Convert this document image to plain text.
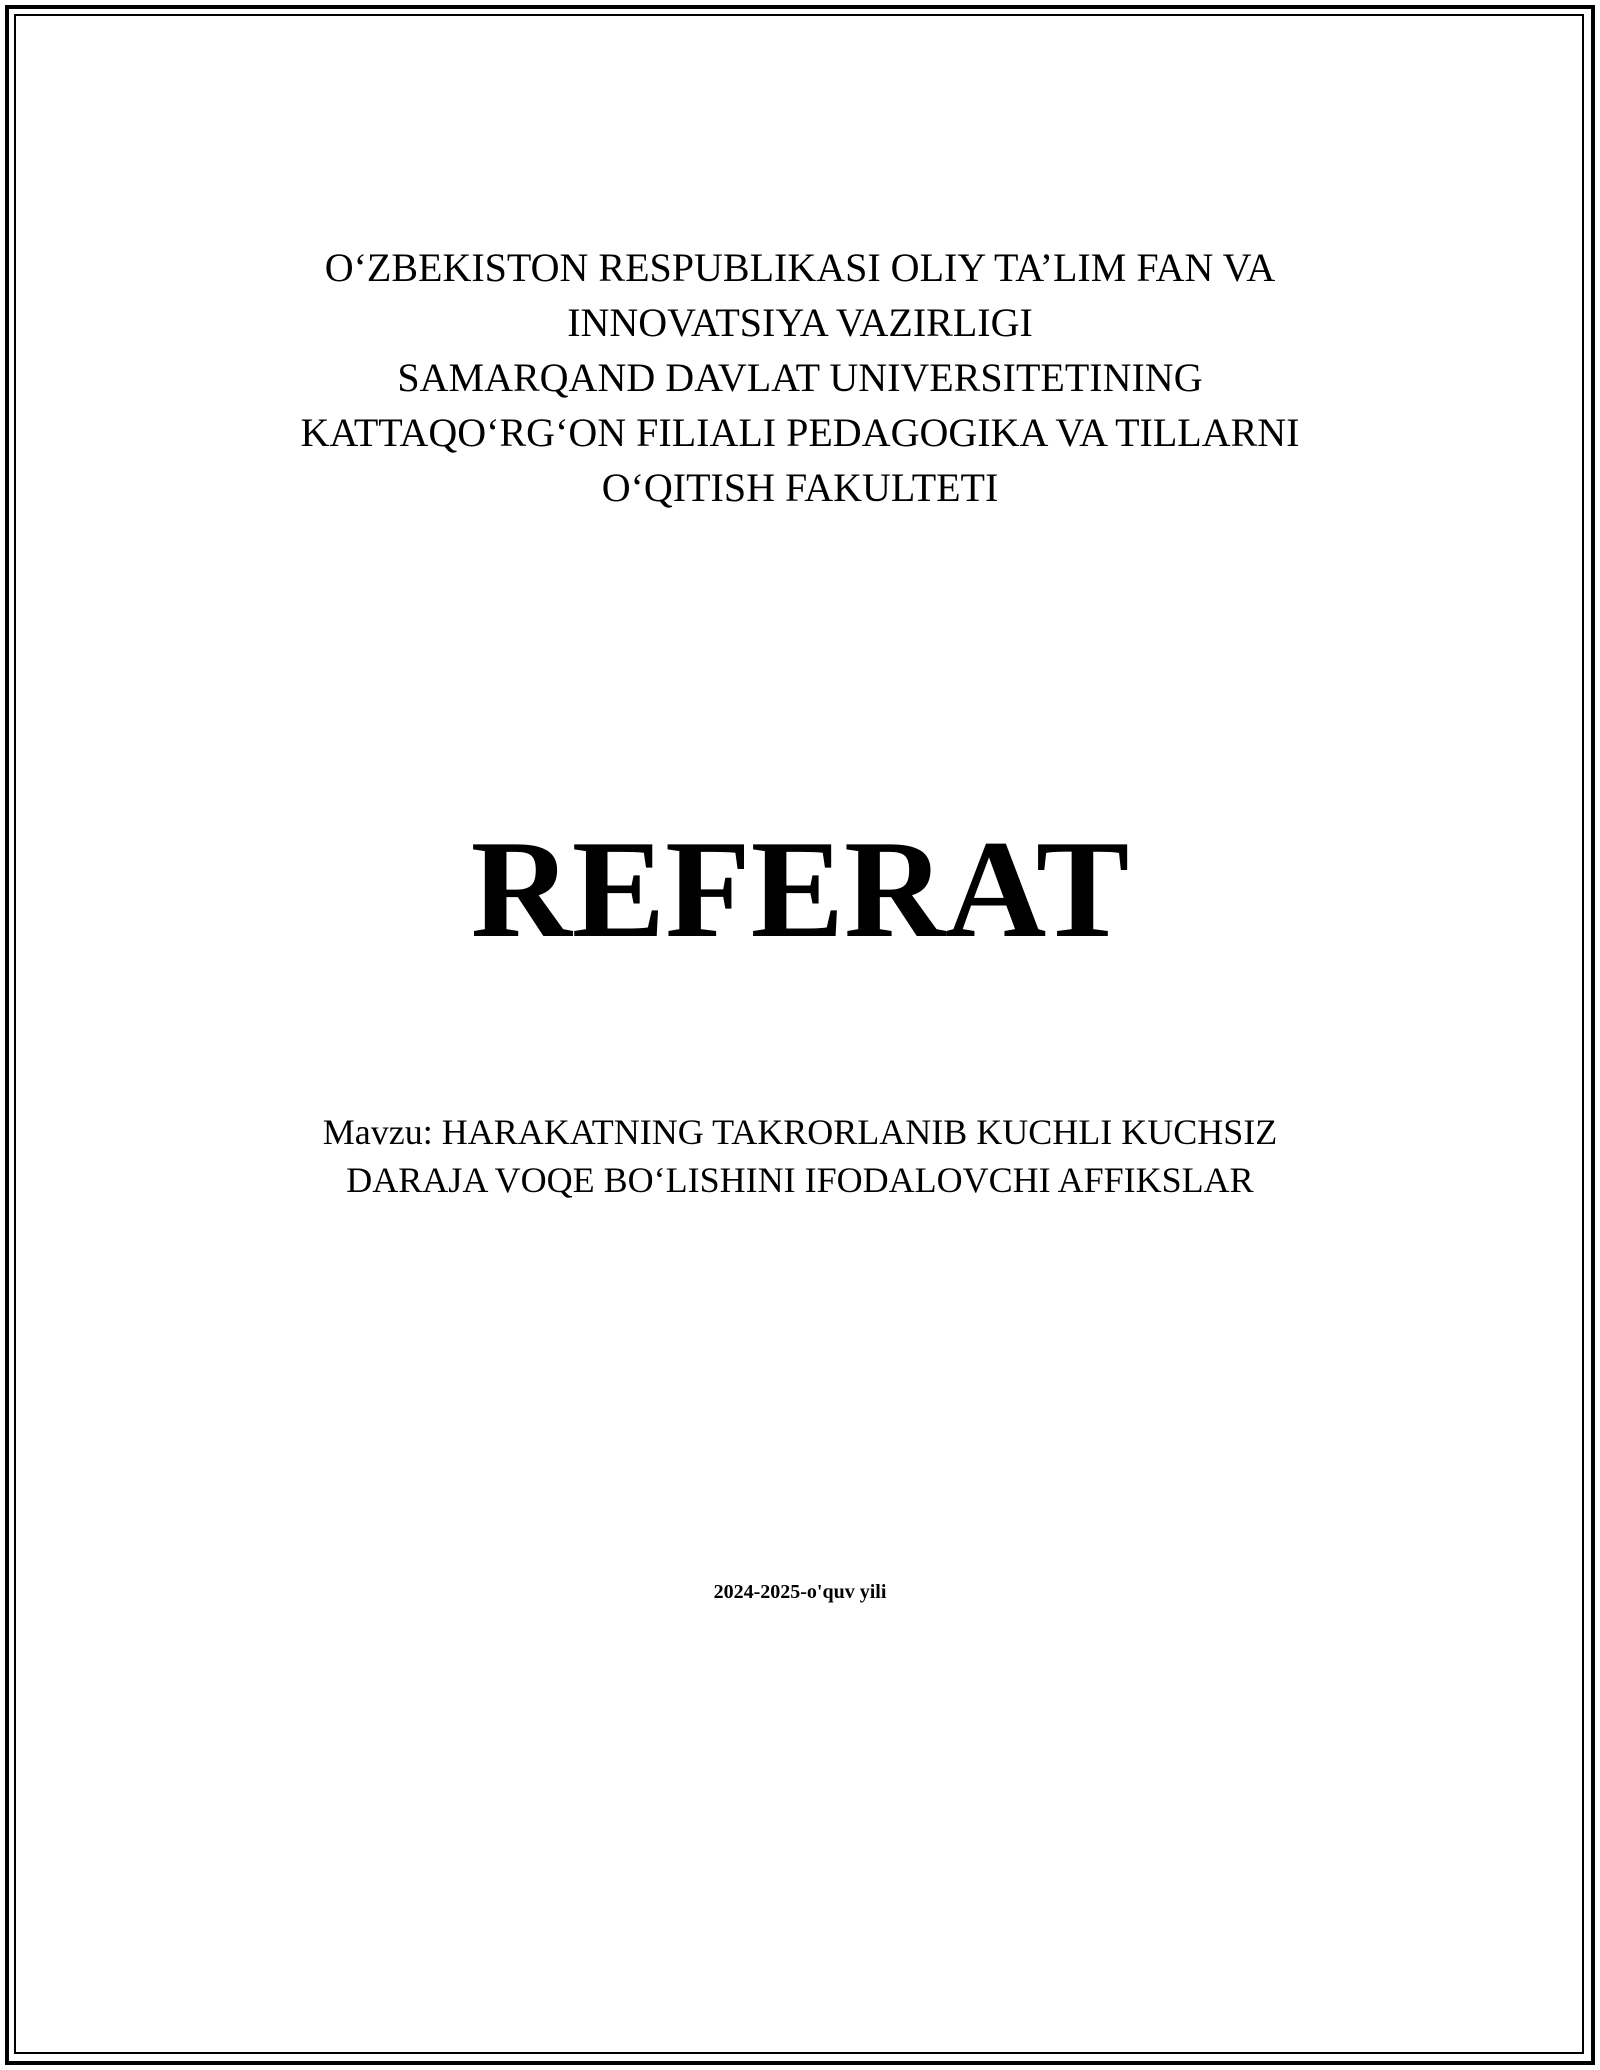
O‘ZBEKISTON RESPUBLIKASI OLIY TA’LIM FAN VA
INNOVATSIYA VAZIRLIGI
SAMARQAND DAVLAT UNIVERSITETINING
KATTAQO‘RG‘ON FILIALI PEDAGOGIKA VA TILLARNI
O‘QITISH FAKULTETI
REFERAT
Mavzu: HARAKATNING TAKRORLANIB KUCHLI KUCHSIZ
DARAJA VOQE BO‘LISHINI IFODALOVCHI AFFIKSLAR
2024-2025-o'quv yili
